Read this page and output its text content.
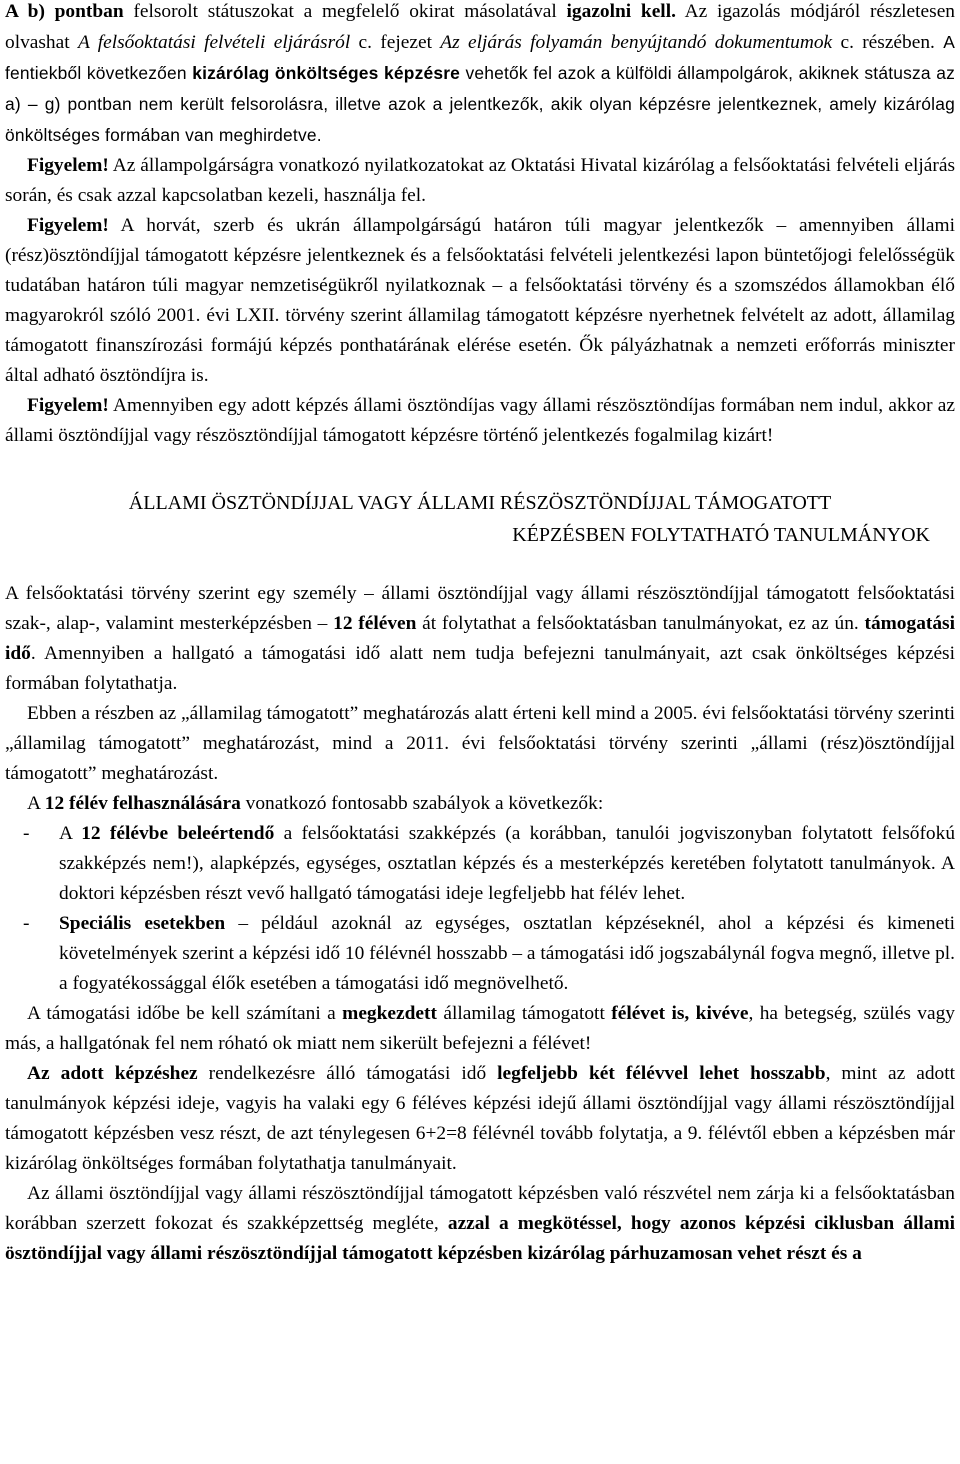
A b) pontban felsorolt státuszokat a megfelelő okirat másolatával igazolni kell. Az igazolás módjáról részletesen olvashat A felsőoktatási felvételi eljárásról c. fejezet Az eljárás folyamán benyújtandó dokumentumok c. részében. A fentiekből következően kizárólag önköltséges képzésre vehetők fel azok a külföldi állampolgárok, akiknek státusza az a) – g) pontban nem került felsorolásra, illetve azok a jelentkezők, akik olyan képzésre jelentkeznek, amely kizárólag önköltséges formában van meghirdetve.

Figyelem! Az állampolgárságra vonatkozó nyilatkozatokat az Oktatási Hivatal kizárólag a felsőoktatási felvételi eljárás során, és csak azzal kapcsolatban kezeli, használja fel.

Figyelem! A horvát, szerb és ukrán állampolgárságú határon túli magyar jelentkezők – amennyiben állami (rész)ösztöndíjjal támogatott képzésre jelentkeznek és a felsőoktatási felvételi jelentkezési lapon büntetőjogi felelősségük tudatában határon túli magyar nemzetiségükről nyilatkoznak – a felsőoktatási törvény és a szomszédos államokban élő magyarokról szóló 2001. évi LXII. törvény szerint államilag támogatott képzésre nyerhetnek felvételt az adott, államilag támogatott finanszírozási formájú képzés ponthatárának elérése esetén. Ők pályázhatnak a nemzeti erőforrás miniszter által adható ösztöndíjra is.

Figyelem! Amennyiben egy adott képzés állami ösztöndíjas vagy állami részösztöndíjas formában nem indul, akkor az állami ösztöndíjjal vagy részösztöndíjjal támogatott képzésre történő jelentkezés fogalmilag kizárt!

ÁLLAMI ÖSZTÖNDÍJJAL VAGY ÁLLAMI RÉSZÖSZTÖNDÍJJAL TÁMOGATOTT
KÉPZÉSBEN FOLYTATHATÓ TANULMÁNYOK

A felsőoktatási törvény szerint egy személy – állami ösztöndíjjal vagy állami részösztöndíjjal támogatott felsőoktatási szak-, alap-, valamint mesterképzésben – 12 féléven át folytathat a felsőoktatásban tanulmányokat, ez az ún. támogatási idő. Amennyiben a hallgató a támogatási idő alatt nem tudja befejezni tanulmányait, azt csak önköltséges képzési formában folytathatja.

Ebben a részben az „államilag támogatott” meghatározás alatt érteni kell mind a 2005. évi felsőoktatási törvény szerinti „államilag támogatott” meghatározást, mind a 2011. évi felsőoktatási törvény szerinti „állami (rész)ösztöndíjjal támogatott” meghatározást.

A 12 félév felhasználására vonatkozó fontosabb szabályok a következők:

- A 12 félévbe beleértendő a felsőoktatási szakképzés (a korábban, tanulói jogviszonyban folytatott felsőfokú szakképzés nem!), alapképzés, egységes, osztatlan képzés és a mesterképzés keretében folytatott tanulmányok. A doktori képzésben részt vevő hallgató támogatási ideje legfeljebb hat félév lehet.
- Speciális esetekben – például azoknál az egységes, osztatlan képzéseknél, ahol a képzési és kimeneti követelmények szerint a képzési idő 10 félévnél hosszabb – a támogatási idő jogszabálynál fogva megnő, illetve pl. a fogyatékossággal élők esetében a támogatási idő megnövelhető.

A támogatási időbe be kell számítani a megkezdett államilag támogatott félévet is, kivéve, ha betegség, szülés vagy más, a hallgatónak fel nem róható ok miatt nem sikerült befejezni a félévet!

Az adott képzéshez rendelkezésre álló támogatási idő legfeljebb két félévvel lehet hosszabb, mint az adott tanulmányok képzési ideje, vagyis ha valaki egy 6 féléves képzési idejű állami ösztöndíjjal vagy állami részösztöndíjjal támogatott képzésben vesz részt, de azt ténylegesen 6+2=8 félévnél tovább folytatja, a 9. félévtől ebben a képzésben már kizárólag önköltséges formában folytathatja tanulmányait.

Az állami ösztöndíjjal vagy állami részösztöndíjjal támogatott képzésben való részvétel nem zárja ki a felsőoktatásban korábban szerzett fokozat és szakképzettség megléte, azzal a megkötéssel, hogy azonos képzési ciklusban állami ösztöndíjjal vagy állami részösztöndíjjal támogatott képzésben kizárólag párhuzamosan vehet részt és a
